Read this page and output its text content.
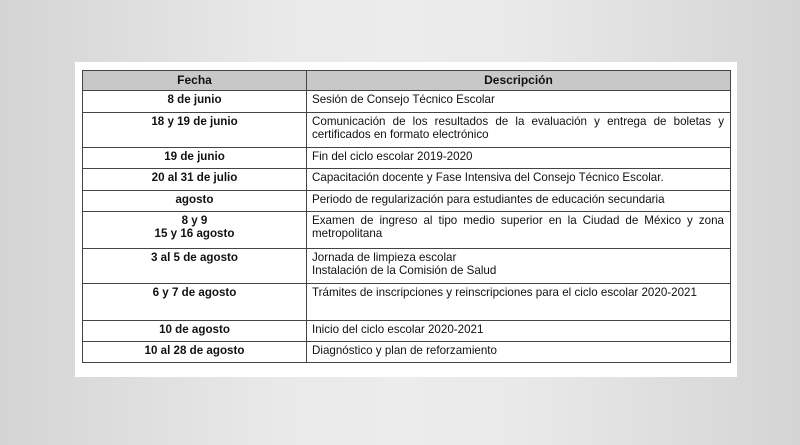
Fecha	Descripción

8 de junio	Sesión de Consejo Técnico Escolar

18 y 19 de junio	Comunicación de los resultados de la evaluación y entrega de boletas y certificados en formato electrónico

19 de junio	Fin del ciclo escolar 2019-2020

20 al 31 de julio	Capacitación docente y Fase Intensiva del Consejo Técnico Escolar.

agosto	Periodo de regularización para estudiantes de educación secundaria

8 y 9
15 y 16 agosto	Examen de ingreso al tipo medio superior en la Ciudad de México y zona metropolitana

3 al 5 de agosto	Jornada de limpieza escolar
Instalación de la Comisión de Salud

6 y 7 de agosto	Trámites de inscripciones y reinscripciones para el ciclo escolar 2020-2021

10 de agosto	Inicio del ciclo escolar 2020-2021

10 al 28 de agosto	Diagnóstico y plan de reforzamiento
